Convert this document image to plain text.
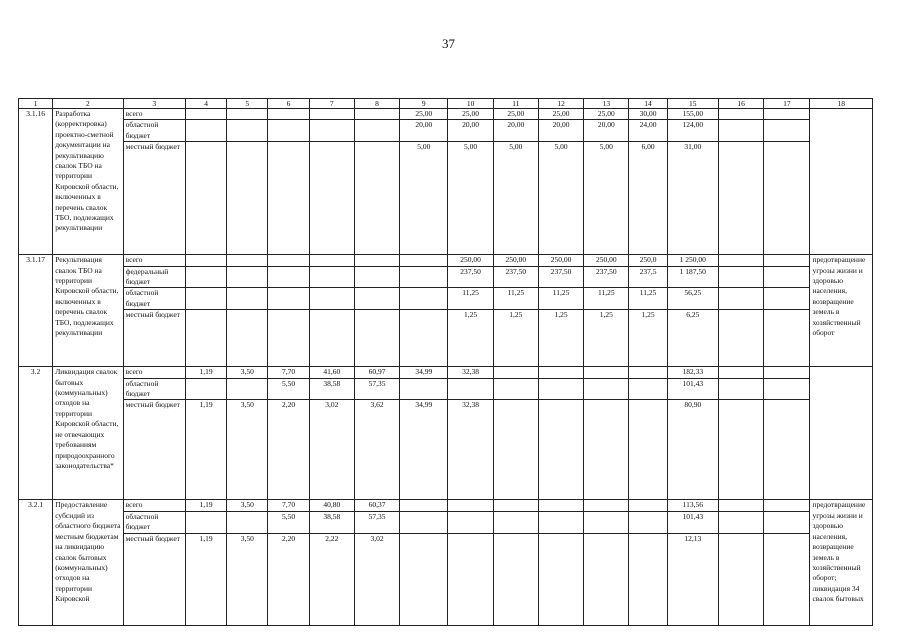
37
1	2	3	4	5	6	7	8	9	10	11	12	13	14	15	16	17	18
3.1.16	Разработка (корректировка) проектно-сметной документации на рекультивацию свалок ТБО на территории Кировской области, включенных в перечень свалок ТБО, подлежащих рекультивации	всего						25,00	25,00	25,00	25,00	25,00	30,00	155,00			
		областной бюджет						20,00	20,00	20,00	20,00	20,00	24,00	124,00			
		местный бюджет						5,00	5,00	5,00	5,00	5,00	6,00	31,00			
3.1.17	Рекультивация свалок ТБО на территории Кировской области, включенных в перечень свалок ТБО, подлежащих рекультивации	всего							250,00	250,00	250,00	250,00	250,0	1 250,00			предотвращение угрозы жизни и здоровью населения, возвращение земель в хозяйственный оборот
		федеральный бюджет							237,50	237,50	237,50	237,50	237,5	1 187,50			
		областной бюджет							11,25	11,25	11,25	11,25	11,25	56,25			
		местный бюджет							1,25	1,25	1,25	1,25	1,25	6,25			
3.2	Ликвидация свалок бытовых (коммунальных) отходов на территории Кировской области, не отвечающих требованиям природоохранного законодательства*	всего	1,19	3,50	7,70	41,60	60,97	34,99	32,38					182,33			
		областной бюджет			5,50	38,58	57,35							101,43			
		местный бюджет	1,19	3,50	2,20	3,02	3,62	34,99	32,38					80,90			
3.2.1	Предоставление субсидий из областного бюджета местным бюджетам на ликвидацию свалок бытовых (коммунальных) отходов на территории Кировской	всего	1,19	3,50	7,70	40,80	60,37							113,56			предотвращение угрозы жизни и здоровью населения, возвращение земель в хозяйственный оборот; ликвидация 34 свалок бытовых
		областной бюджет			5,50	38,58	57,35							101,43			
		местный бюджет	1,19	3,50	2,20	2,22	3,02							12,13			
